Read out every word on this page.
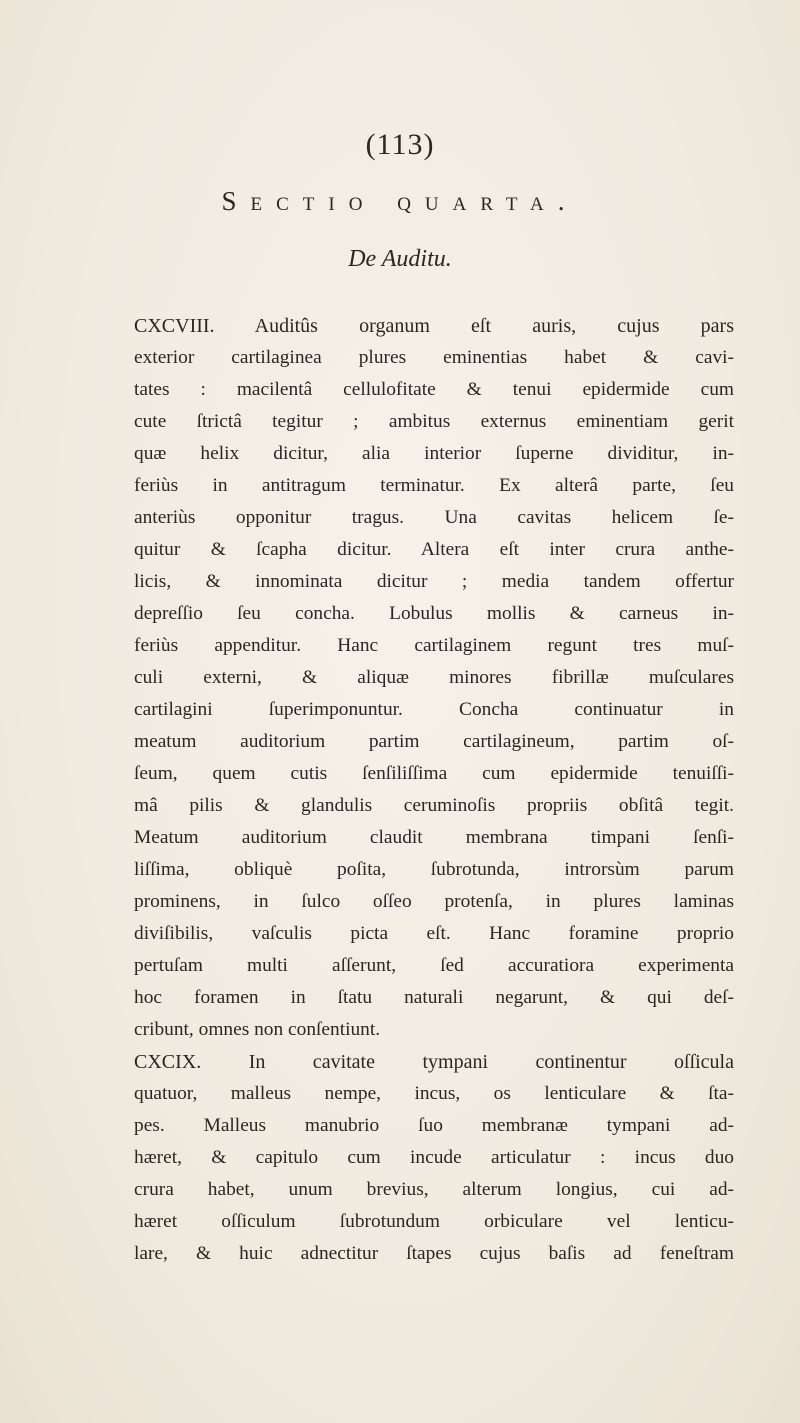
(113)
Sectio quarta.
De Auditu.
CXCVIII. Auditûs organum eſt auris, cujus pars
exterior cartilaginea plures eminentias habet & cavi-
tates : macilentâ cellulofitate & tenui epidermide cum
cute ſtrictâ tegitur ; ambitus externus eminentiam gerit
quæ helix dicitur, alia interior ſuperne dividitur, in-
feriùs in antitragum terminatur. Ex alterâ parte, ſeu
anteriùs opponitur tragus. Una cavitas helicem ſe-
quitur & ſcapha dicitur. Altera eſt inter crura anthe-
licis, & innominata dicitur ; media tandem offertur
depreſſio ſeu concha. Lobulus mollis & carneus in-
feriùs appenditur. Hanc cartilaginem regunt tres muſ-
culi externi, & aliquæ minores fibrillæ muſculares
cartilagini ſuperimponuntur. Concha continuatur in
meatum auditorium partim cartilagineum, partim oſ-
ſeum, quem cutis ſenſiliſſima cum epidermide tenuiſſi-
mâ pilis & glandulis ceruminoſis propriis obſitâ tegit.
Meatum auditorium claudit membrana timpani ſenſi-
liſſima, obliquè poſita, ſubrotunda, introrsùm parum
prominens, in ſulco oſſeo protenſa, in plures laminas
diviſibilis, vaſculis picta eſt. Hanc foramine proprio
pertuſam multi aſſerunt, ſed accuratiora experimenta
hoc foramen in ſtatu naturali negarunt, & qui deſ-
cribunt, omnes non conſentiunt.
CXCIX. In cavitate tympani continentur oſſicula
quatuor, malleus nempe, incus, os lenticulare & ſta-
pes. Malleus manubrio ſuo membranæ tympani ad-
hæret, & capitulo cum incude articulatur : incus duo
crura habet, unum brevius, alterum longius, cui ad-
hæret oſſiculum ſubrotundum orbiculare vel lenticu-
lare, & huic adnectitur ſtapes cujus baſis ad feneſtram
